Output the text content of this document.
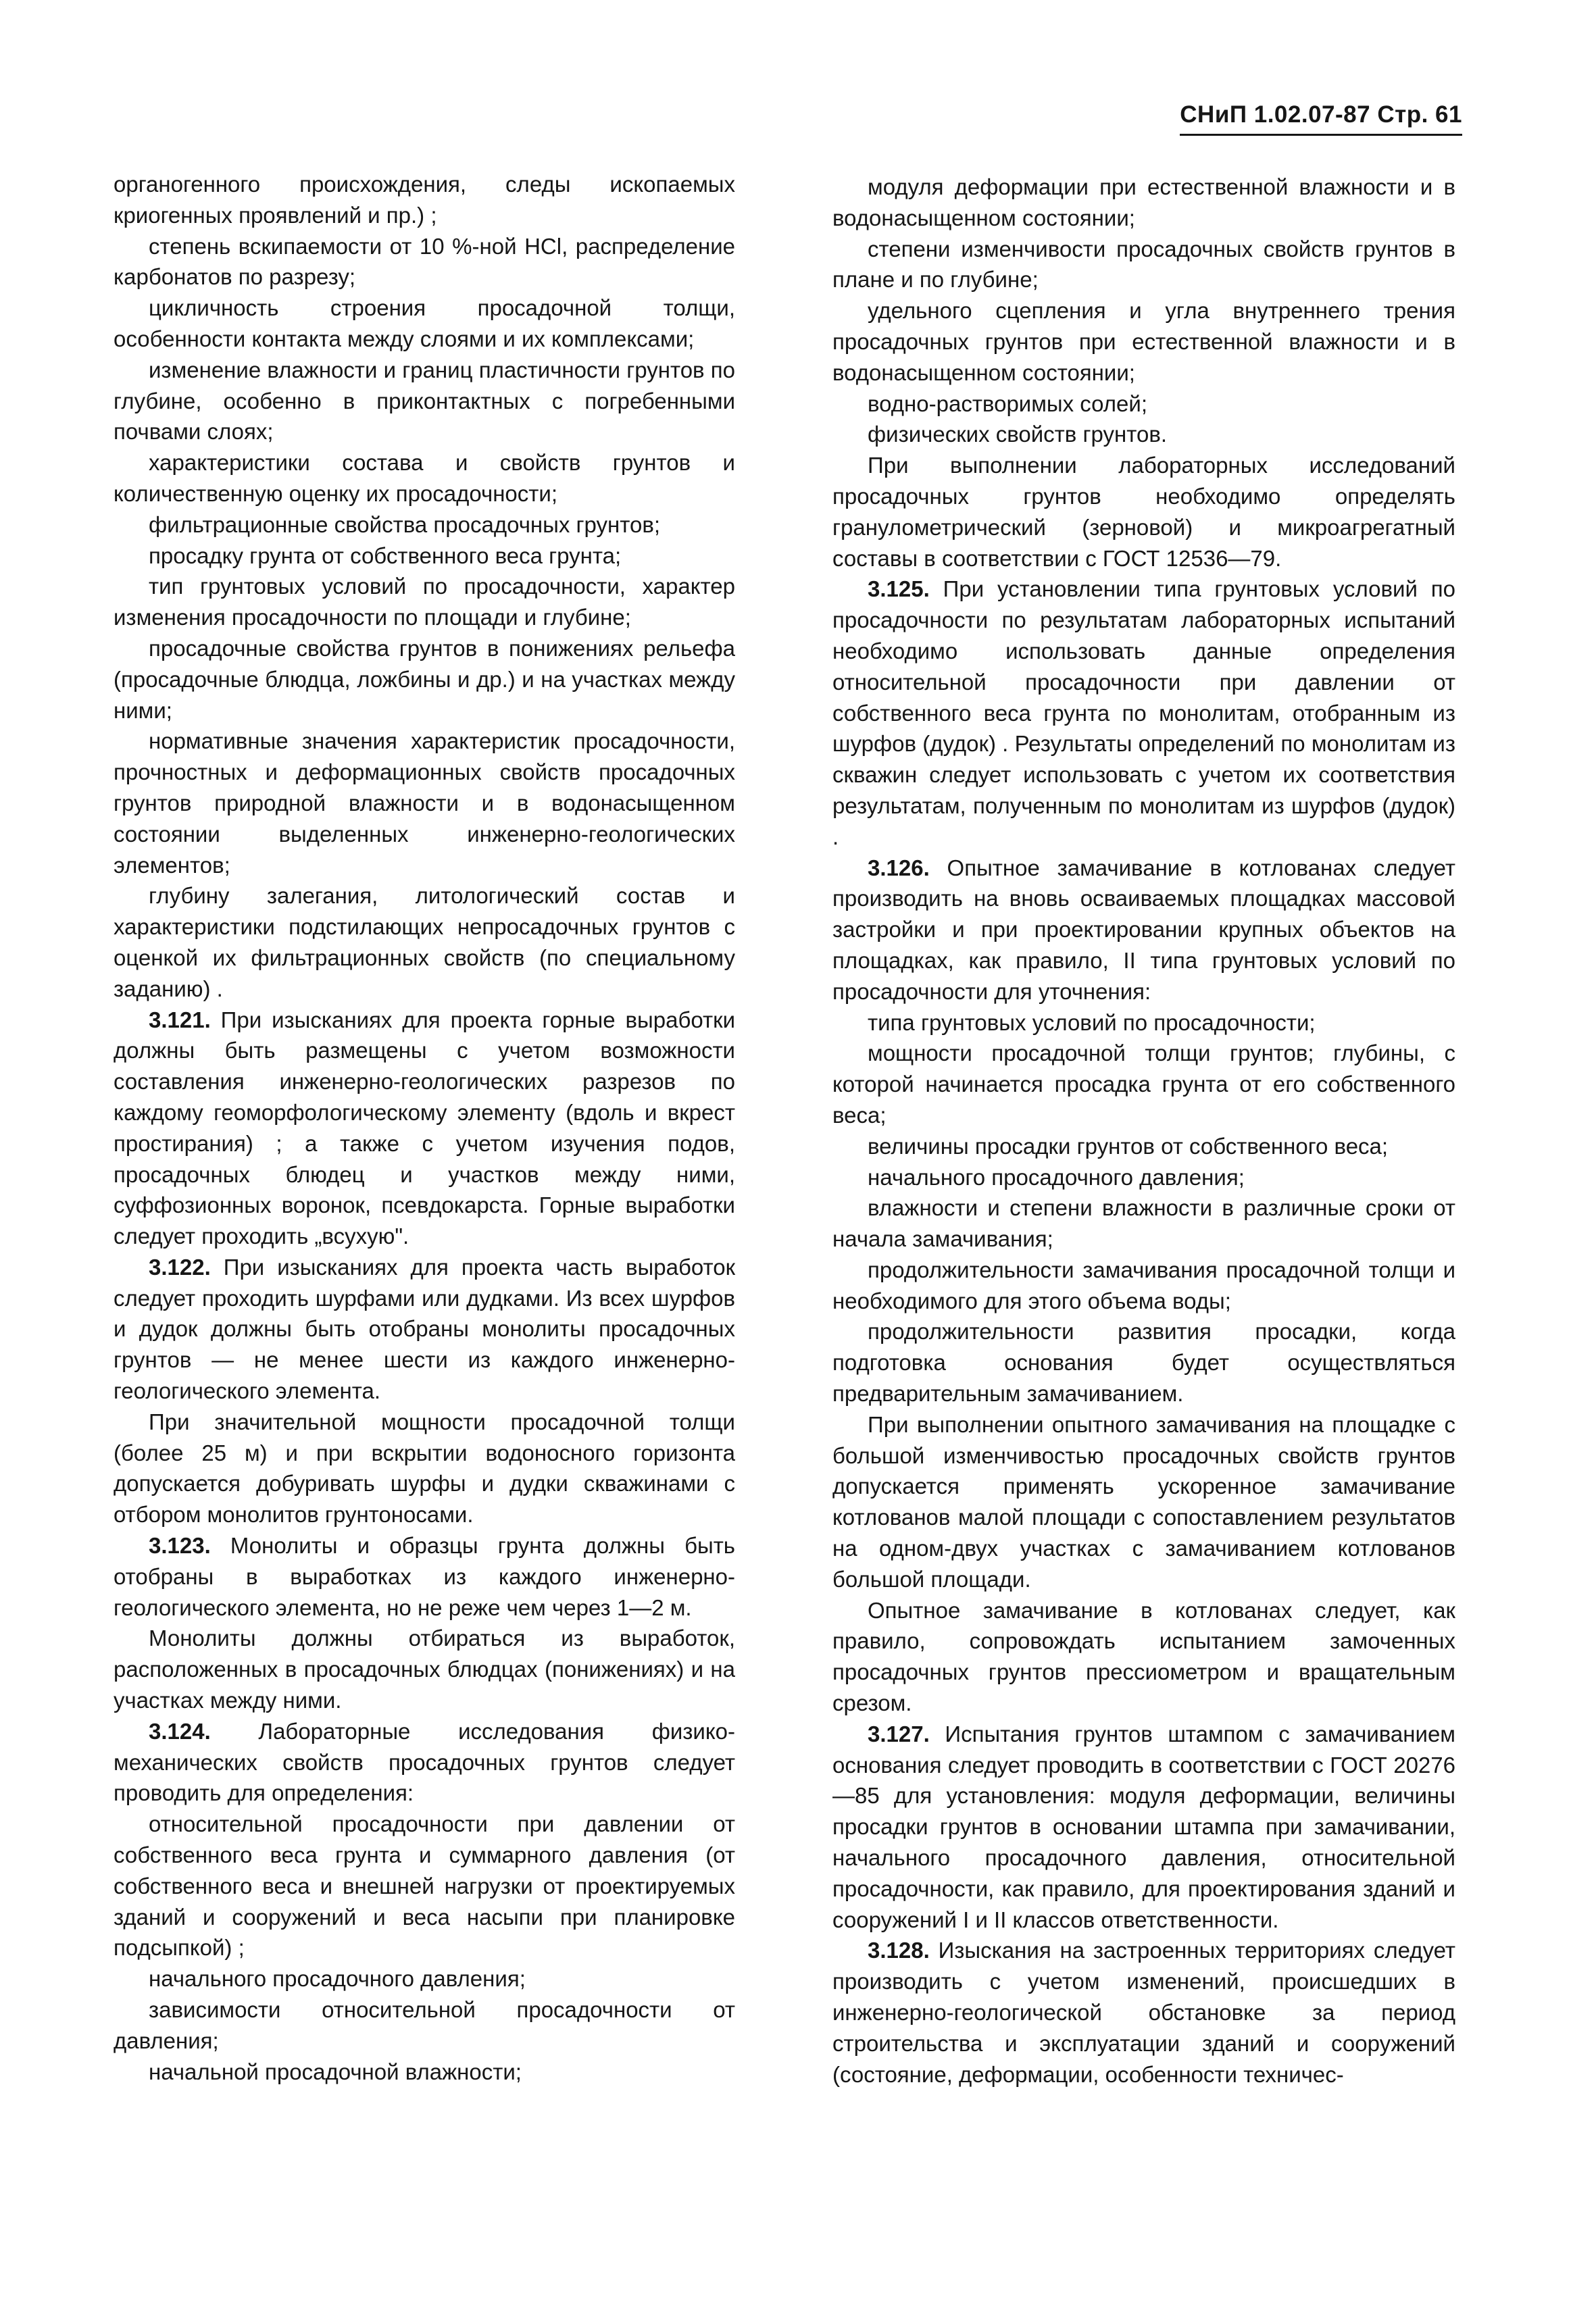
СНиП 1.02.07-87 Стр. 61

органогенного происхождения, следы ископаемых криогенных проявлений и пр.) ;

степень вскипаемости от 10 %-ной HCl, распределение карбонатов по разрезу;

цикличность строения просадочной толщи, особенности контакта между слоями и их комплексами;

изменение влажности и границ пластичности грунтов по глубине, особенно в приконтактных с погребенными почвами слоях;

характеристики состава и свойств грунтов и количественную оценку их просадочности;

фильтрационные свойства просадочных грунтов;

просадку грунта от собственного веса грунта;

тип грунтовых условий по просадочности, характер изменения просадочности по площади и глубине;

просадочные свойства грунтов в понижениях рельефа (просадочные блюдца, ложбины и др.) и на участках между ними;

нормативные значения характеристик просадочности, прочностных и деформационных свойств просадочных грунтов природной влажности и в водонасыщенном состоянии выделенных инженерно-геологических элементов;

глубину залегания, литологический состав и характеристики подстилающих непросадочных грунтов с оценкой их фильтрационных свойств (по специальному заданию) .

3.121. При изысканиях для проекта горные выработки должны быть размещены с учетом возможности составления инженерно-геологических разрезов по каждому геоморфологическому элементу (вдоль и вкрест простирания) ; а также с учетом изучения подов, просадочных блюдец и участков между ними, суффозионных воронок, псевдокарста. Горные выработки следует проходить „всухую".

3.122. При изысканиях для проекта часть выработок следует проходить шурфами или дудками. Из всех шурфов и дудок должны быть отобраны монолиты просадочных грунтов — не менее шести из каждого инженерно-геологического элемента.

При значительной мощности просадочной толщи (более 25 м) и при вскрытии водоносного горизонта допускается добуривать шурфы и дудки скважинами с отбором монолитов грунтоносами.

3.123. Монолиты и образцы грунта должны быть отобраны в выработках из каждого инженерно-геологического элемента, но не реже чем через 1—2 м.

Монолиты должны отбираться из выработок, расположенных в просадочных блюдцах (понижениях) и на участках между ними.

3.124. Лабораторные исследования физико-механических свойств просадочных грунтов следует проводить для определения:

относительной просадочности при давлении от собственного веса грунта и суммарного давления (от собственного веса и внешней нагрузки от проектируемых зданий и сооружений и веса насыпи при планировке подсыпкой) ;

начального просадочного давления;

зависимости относительной просадочности от давления;

начальной просадочной влажности;

модуля деформации при естественной влажности и в водонасыщенном состоянии;

степени изменчивости просадочных свойств грунтов в плане и по глубине;

удельного сцепления и угла внутреннего трения просадочных грунтов при естественной влажности и в водонасыщенном состоянии;

водно-растворимых солей;

физических свойств грунтов.

При выполнении лабораторных исследований просадочных грунтов необходимо определять гранулометрический (зерновой) и микроагрегатный составы в соответствии с ГОСТ 12536—79.

3.125. При установлении типа грунтовых условий по просадочности по результатам лабораторных испытаний необходимо использовать данные определения относительной просадочности при давлении от собственного веса грунта по монолитам, отобранным из шурфов (дудок) . Результаты определений по монолитам из скважин следует использовать с учетом их соответствия результатам, полученным по монолитам из шурфов (дудок) .

3.126. Опытное замачивание в котлованах следует производить на вновь осваиваемых площадках массовой застройки и при проектировании крупных объектов на площадках, как правило, II типа грунтовых условий по просадочности для уточнения:

типа грунтовых условий по просадочности;

мощности просадочной толщи грунтов; глубины, с которой начинается просадка грунта от его собственного веса;

величины просадки грунтов от собственного веса;

начального просадочного давления;

влажности и степени влажности в различные сроки от начала замачивания;

продолжительности замачивания просадочной толщи и необходимого для этого объема воды;

продолжительности развития просадки, когда подготовка основания будет осуществляться предварительным замачиванием.

При выполнении опытного замачивания на площадке с большой изменчивостью просадочных свойств грунтов допускается применять ускоренное замачивание котлованов малой площади с сопоставлением результатов на одном-двух участках с замачиванием котлованов большой площади.

Опытное замачивание в котлованах следует, как правило, сопровождать испытанием замоченных просадочных грунтов прессиометром и вращательным срезом.

3.127. Испытания грунтов штампом с замачиванием основания следует проводить в соответствии с ГОСТ 20276—85 для установления: модуля деформации, величины просадки грунтов в основании штампа при замачивании, начального просадочного давления, относительной просадочности, как правило, для проектирования зданий и сооружений I и II классов ответственности.

3.128. Изыскания на застроенных территориях следует производить с учетом изменений, происшедших в инженерно-геологической обстановке за период строительства и эксплуатации зданий и сооружений (состояние, деформации, особенности техничес-
